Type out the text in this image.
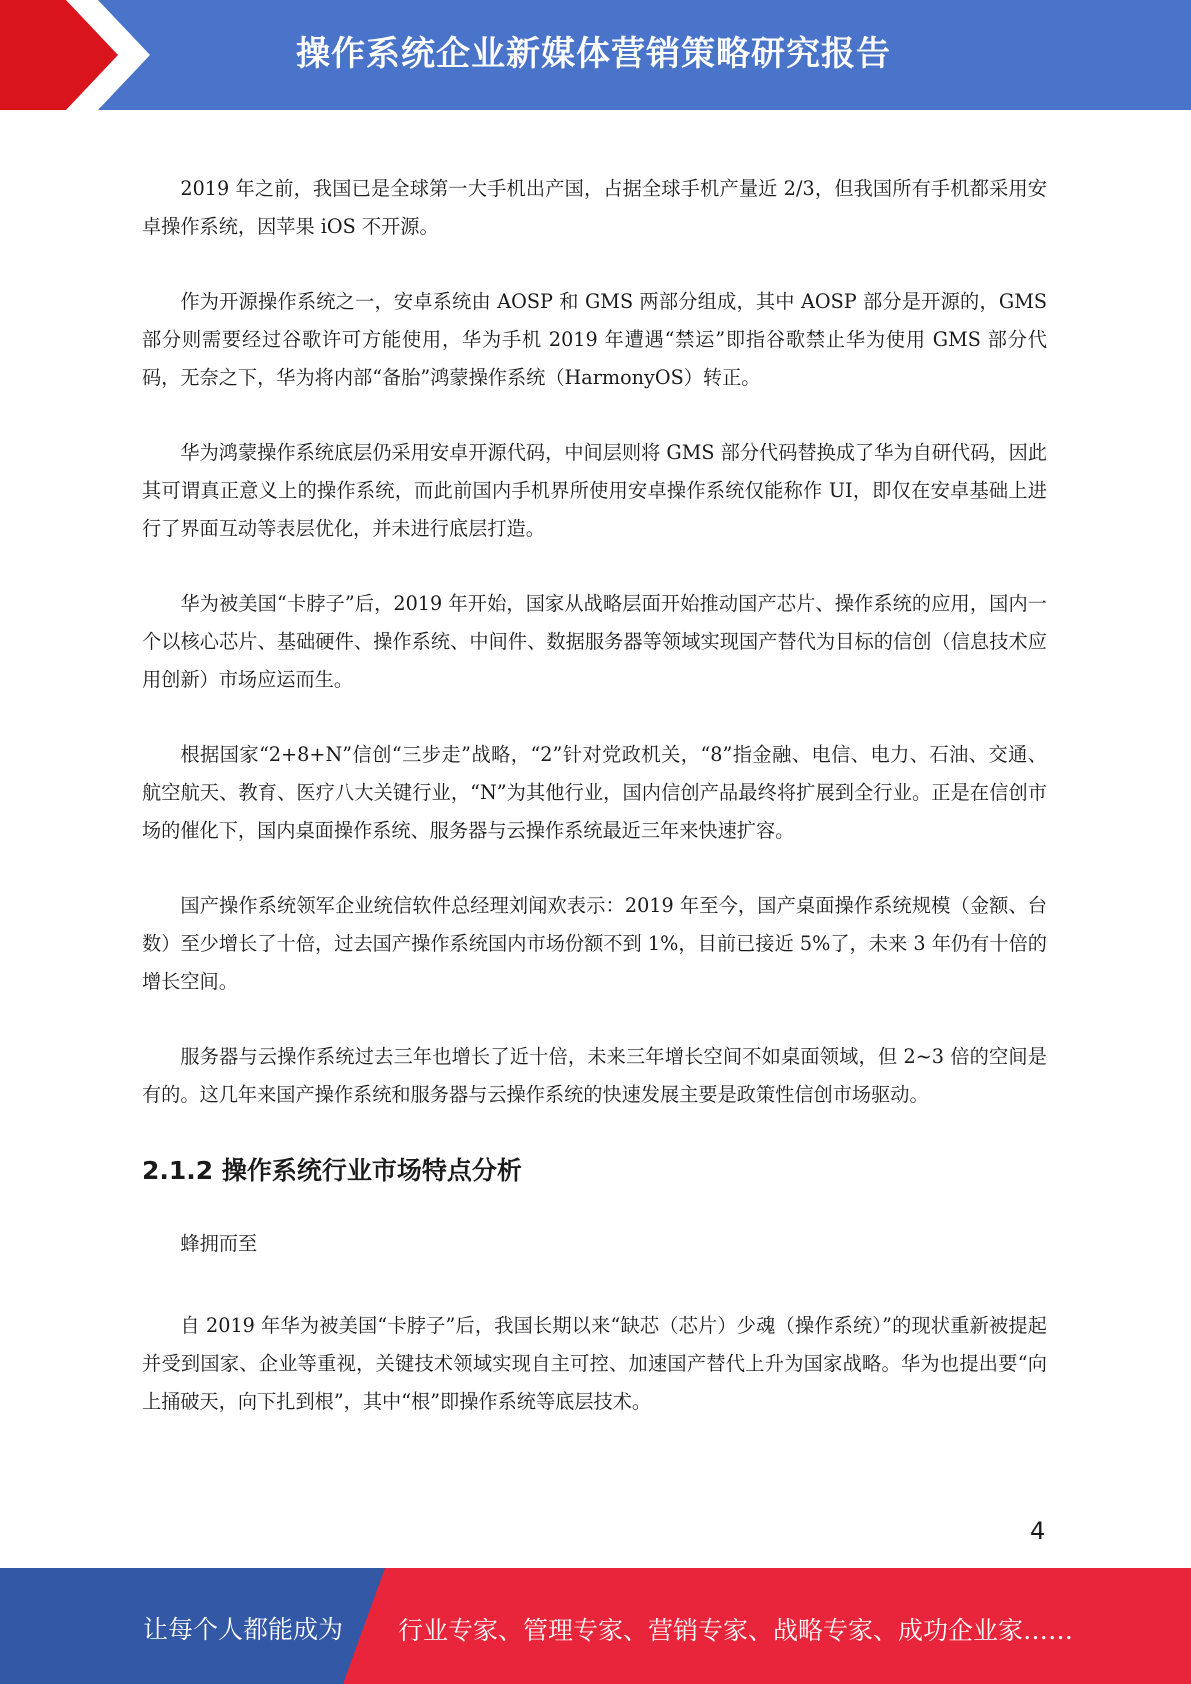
操作系统企业新媒体营销策略研究报告

2019 年之前，我国已是全球第一大手机出产国，占据全球手机产量近 2/3，但我国所有手机都采用安卓操作系统，因苹果 iOS 不开源。

作为开源操作系统之一，安卓系统由 AOSP 和 GMS 两部分组成，其中 AOSP 部分是开源的，GMS 部分则需要经过谷歌许可方能使用，华为手机 2019 年遭遇“禁运”即指谷歌禁止华为使用 GMS 部分代码，无奈之下，华为将内部“备胎”鸿蒙操作系统（HarmonyOS）转正。

华为鸿蒙操作系统底层仍采用安卓开源代码，中间层则将 GMS 部分代码替换成了华为自研代码，因此其可谓真正意义上的操作系统，而此前国内手机界所使用安卓操作系统仅能称作 UI，即仅在安卓基础上进行了界面互动等表层优化，并未进行底层打造。

华为被美国“卡脖子”后，2019 年开始，国家从战略层面开始推动国产芯片、操作系统的应用，国内一个以核心芯片、基础硬件、操作系统、中间件、数据服务器等领域实现国产替代为目标的信创（信息技术应用创新）市场应运而生。

根据国家“2+8+N”信创“三步走”战略，“2”针对党政机关，“8”指金融、电信、电力、石油、交通、航空航天、教育、医疗八大关键行业，“N”为其他行业，国内信创产品最终将扩展到全行业。正是在信创市场的催化下，国内桌面操作系统、服务器与云操作系统最近三年来快速扩容。

国产操作系统领军企业统信软件总经理刘闻欢表示：2019 年至今，国产桌面操作系统规模（金额、台数）至少增长了十倍，过去国产操作系统国内市场份额不到 1%，目前已接近 5%了，未来 3 年仍有十倍的增长空间。

服务器与云操作系统过去三年也增长了近十倍，未来三年增长空间不如桌面领域，但 2~3 倍的空间是有的。这几年来国产操作系统和服务器与云操作系统的快速发展主要是政策性信创市场驱动。

2.1.2 操作系统行业市场特点分析

蜂拥而至

自 2019 年华为被美国“卡脖子”后，我国长期以来“缺芯（芯片）少魂（操作系统）”的现状重新被提起并受到国家、企业等重视，关键技术领域实现自主可控、加速国产替代上升为国家战略。华为也提出要“向上捅破天，向下扎到根”，其中“根”即操作系统等底层技术。

4
让每个人都能成为 行业专家、管理专家、营销专家、战略专家、成功企业家……
